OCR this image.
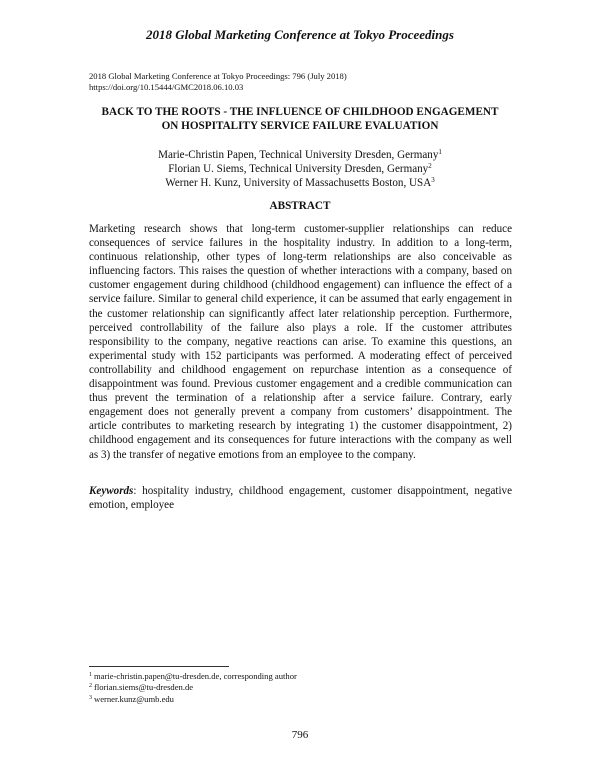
2018 Global Marketing Conference at Tokyo Proceedings
2018 Global Marketing Conference at Tokyo Proceedings: 796 (July 2018)
https://doi.org/10.15444/GMC2018.06.10.03
BACK TO THE ROOTS - THE INFLUENCE OF CHILDHOOD ENGAGEMENT
ON HOSPITALITY SERVICE FAILURE EVALUATION
Marie-Christin Papen, Technical University Dresden, Germany$^1$
Florian U. Siems, Technical University Dresden, Germany$^2$
Werner H. Kunz, University of Massachusetts Boston, USA$^3$
ABSTRACT

Marketing research shows that long-term customer-supplier relationships can reduce consequences of service failures in the hospitality industry. In addition to a long-term, continuous relationship, other types of long-term relationships are also conceivable as influencing factors. This raises the question of whether interactions with a company, based on customer engagement during childhood (childhood engagement) can influence the effect of a service failure. Similar to general child experience, it can be assumed that early engagement in the customer relationship can significantly affect later relationship perception. Furthermore, perceived controllability of the failure also plays a role. If the customer attributes responsibility to the company, negative reactions can arise. To examine this questions, an experimental study with 152 participants was performed. A moderating effect of perceived controllability and childhood engagement on repurchase intention as a consequence of disappointment was found. Previous customer engagement and a credible communication can thus prevent the termination of a relationship after a service failure. Contrary, early engagement does not generally prevent a company from customers’ disappointment. The article contributes to marketing research by integrating 1) the customer disappointment, 2) childhood engagement and its consequences for future interactions with the company as well as 3) the transfer of negative emotions from an employee to the company.

Keywords: hospitality industry, childhood engagement, customer disappointment, negative emotion, employee

$^1$ marie-christin.papen@tu-dresden.de, corresponding author
$^2$ florian.siems@tu-dresden.de
$^3$ werner.kunz@umb.edu
796
